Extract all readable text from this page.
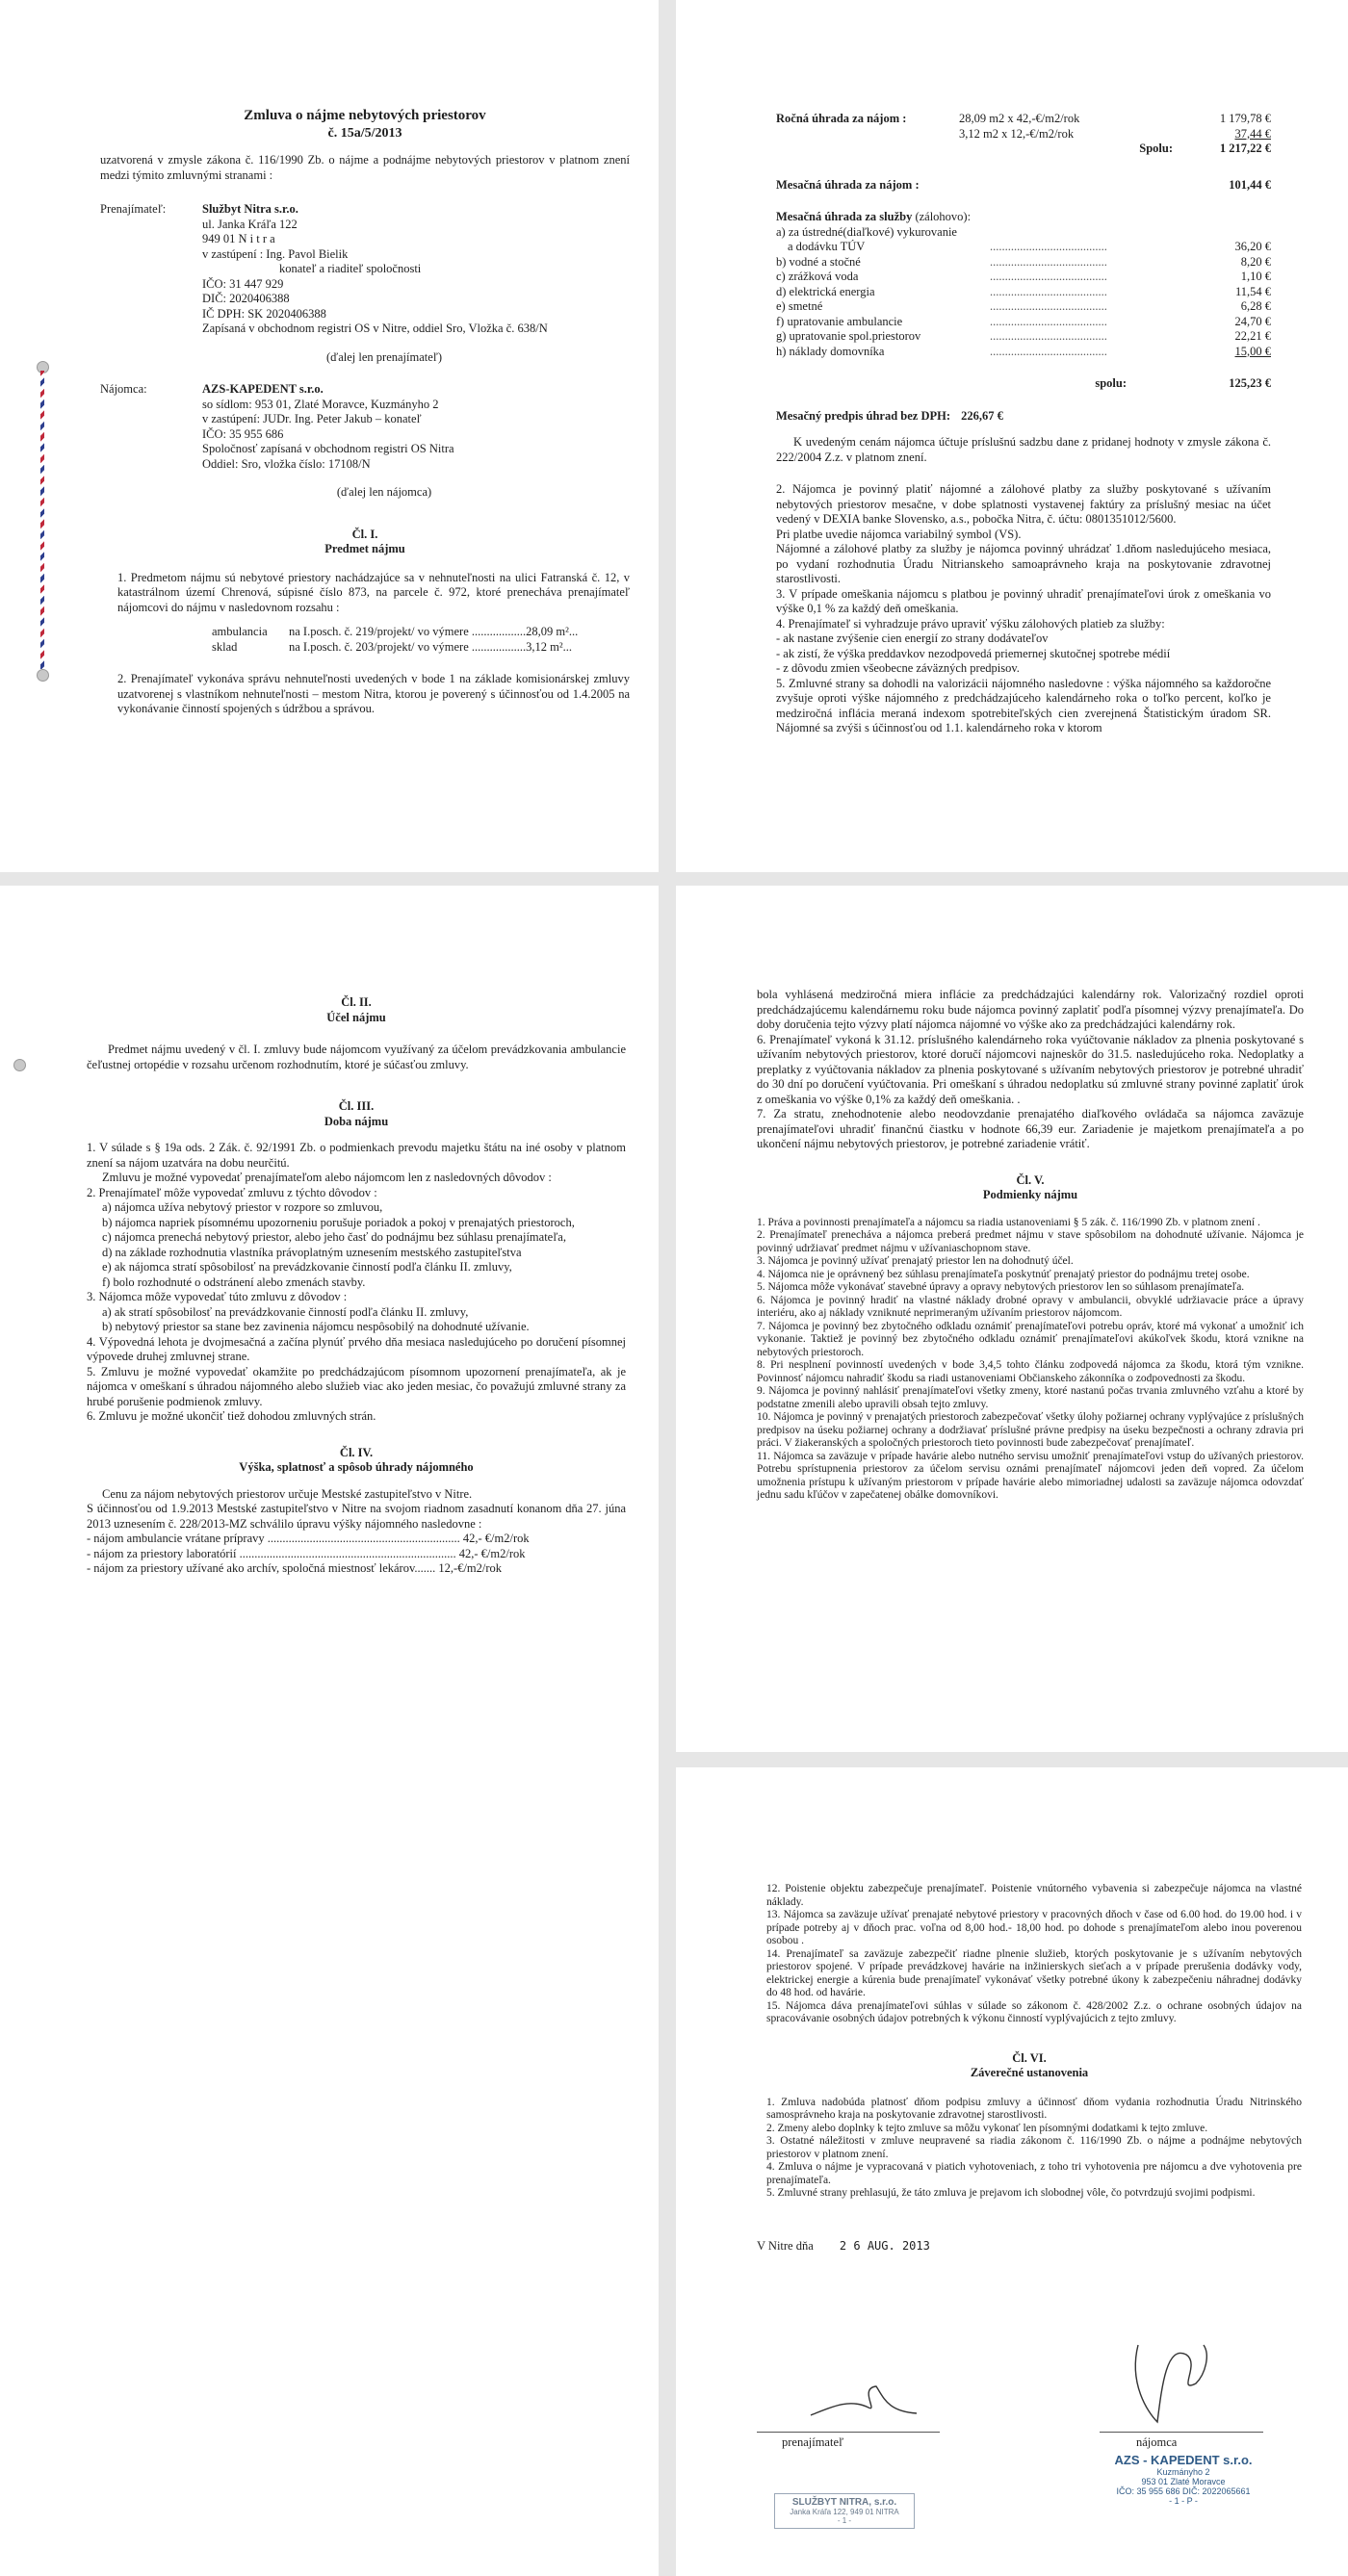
Zmluva o nájme nebytových priestorov
č. 15a/5/2013
uzatvorená v zmysle zákona č. 116/1990 Zb. o nájme a podnájme nebytových priestorov v platnom znení medzi týmito zmluvnými stranami :
Prenajímateľ:	Službyt Nitra s.r.o.
ul. Janka Kráľa 122
949 01 N i t r a
v zastúpení : Ing. Pavol Bielik
konateľ a riaditeľ spoločnosti
IČO: 31 447 929
DIČ: 2020406388
IČ DPH: SK 2020406388
Zapísaná v obchodnom registri OS v Nitre, oddiel Sro, Vložka č. 638/N
(ďalej len prenajímateľ)
Nájomca:	AZS-KAPEDENT s.r.o.
so sídlom: 953 01, Zlaté Moravce, Kuzmányho 2
v zastúpení: JUDr. Ing. Peter Jakub – konateľ
IČO: 35 955 686
Spoločnosť zapísaná v obchodnom registri OS Nitra
Oddiel: Sro, vložka číslo: 17108/N
(ďalej len nájomca)
Čl. I.
Predmet nájmu
1. Predmetom nájmu sú nebytové priestory nachádzajúce sa v nehnuteľnosti na ulici Fatranská č. 12, v katastrálnom území Chrenová, súpisné číslo 873, na parcele č. 972, ktoré prenecháva prenajímateľ nájomcovi do nájmu v nasledovnom rozsahu :
ambulancia	na I.posch. č. 219/projekt/ vo výmere ..................	28,09 m²...
sklad	na I.posch. č. 203/projekt/ vo výmere ..................	3,12 m²...
2. Prenajímateľ vykonáva správu nehnuteľnosti uvedených v bode 1 na základe komisionárskej zmluvy uzatvorenej s vlastníkom nehnuteľnosti – mestom Nitra, ktorou je poverený s účinnosťou od 1.4.2005 na vykonávanie činností spojených s údržbou a správou.
Ročná úhrada za nájom :	28,09 m2 x 42,-€/m2/rok	1 179,78 €
3,12 m2 x 12,-€/m2/rok	37,44 €
Spolu:	1 217,22 €
Mesačná úhrada za nájom :	101,44 €
Mesačná úhrada za služby (zálohovo):
a) za ústredné(diaľkové) vykurovanie
a dodávku TÚV	.......................................	36,20 €
b) vodné a stočné	.......................................	8,20 €
c) zrážková voda	.......................................	1,10 €
d) elektrická energia	.......................................	11,54 €
e) smetné	.......................................	6,28 €
f) upratovanie ambulancie	.......................................	24,70 €
g) upratovanie spol.priestorov	.......................................	22,21 €
h) náklady domovníka	.......................................	15,00 €
spolu:	125,23 €
Mesačný predpis úhrad bez DPH: 226,67 €
K uvedeným cenám nájomca účtuje príslušnú sadzbu dane z pridanej hodnoty v zmysle zákona č. 222/2004 Z.z. v platnom znení.
2. Nájomca je povinný platiť nájomné a zálohové platby za služby poskytované s užívaním nebytových priestorov mesačne, v dobe splatnosti vystavenej faktúry za príslušný mesiac na účet vedený v DEXIA banke Slovensko, a.s., pobočka Nitra, č. účtu: 0801351012/5600.
Pri platbe uvedie nájomca variabilný symbol (VS).
Nájomné a zálohové platby za služby je nájomca povinný uhrádzať 1.dňom nasledujúceho mesiaca, po vydaní rozhodnutia Úradu Nitrianskeho samoaprávneho kraja na poskytovanie zdravotnej starostlivosti.
3. V prípade omeškania nájomcu s platbou je povinný uhradiť prenajímateľovi úrok z omeškania vo výške 0,1 % za každý deň omeškania.
4. Prenajímateľ si vyhradzuje právo upraviť výšku zálohových platieb za služby:
- ak nastane zvýšenie cien energií zo strany dodávateľov
- ak zistí, že výška preddavkov nezodpovedá priemernej skutočnej spotrebe médií
- z dôvodu zmien všeobecne záväzných predpisov.
5. Zmluvné strany sa dohodli na valorizácii nájomného nasledovne : výška nájomného sa každoročne zvyšuje oproti výške nájomného z predchádzajúceho kalendárneho roka o toľko percent, koľko je medziročná inflácia meraná indexom spotrebiteľských cien zverejnená Štatistickým úradom SR. Nájomné sa zvýši s účinnosťou od 1.1. kalendárneho roka v ktorom
Čl. II.
Účel nájmu
Predmet nájmu uvedený v čl. I. zmluvy bude nájomcom využívaný za účelom prevádzkovania ambulancie čeľustnej ortopédie v rozsahu určenom rozhodnutím, ktoré je súčasťou zmluvy.
Čl. III.
Doba nájmu
1. V súlade s § 19a ods. 2 Zák. č. 92/1991 Zb. o podmienkach prevodu majetku štátu na iné osoby v platnom znení sa nájom uzatvára na dobu neurčitú.
Zmluvu je možné vypovedať prenajímateľom alebo nájomcom len z nasledovných dôvodov :
2. Prenajímateľ môže vypovedať zmluvu z týchto dôvodov :
a) nájomca užíva nebytový priestor v rozpore so zmluvou,
b) nájomca napriek písomnému upozorneniu porušuje poriadok a pokoj v prenajatých priestoroch,
c) nájomca prenechá nebytový priestor, alebo jeho časť do podnájmu bez súhlasu prenajímateľa,
d) na základe rozhodnutia vlastníka právoplatným uznesením mestského zastupiteľstva
e) ak nájomca stratí spôsobilosť na prevádzkovanie činností podľa článku II. zmluvy,
f) bolo rozhodnuté o odstránení alebo zmenách stavby.
3. Nájomca môže vypovedať túto zmluvu z dôvodov :
a) ak stratí spôsobilosť na prevádzkovanie činností podľa článku II. zmluvy,
b) nebytový priestor sa stane bez zavinenia nájomcu nespôsobilý na dohodnuté užívanie.
4. Výpovedná lehota je dvojmesačná a začína plynúť prvého dňa mesiaca nasledujúceho po doručení písomnej výpovede druhej zmluvnej strane.
5. Zmluvu je možné vypovedať okamžite po predchádzajúcom písomnom upozornení prenajímateľa, ak je nájomca v omeškaní s úhradou nájomného alebo služieb viac ako jeden mesiac, čo považujú zmluvné strany za hrubé porušenie podmienok zmluvy.
6. Zmluvu je možné ukončiť tiež dohodou zmluvných strán.
Čl. IV.
Výška, splatnosť a spôsob úhrady nájomného
Cenu za nájom nebytových priestorov určuje Mestské zastupiteľstvo v Nitre.
S účinnosťou od 1.9.2013 Mestské zastupiteľstvo v Nitre na svojom riadnom zasadnutí konanom dňa 27. júna 2013 uznesením č. 228/2013-MZ schválilo úpravu výšky nájomného nasledovne :
- nájom ambulancie vrátane prípravy ................................................................ 42,- €/m2/rok
- nájom za priestory laboratórií ........................................................................ 42,- €/m2/rok
- nájom za priestory užívané ako archív, spoločná miestnosť lekárov....... 12,-€/m2/rok
bola vyhlásená medziročná miera inflácie za predchádzajúci kalendárny rok. Valorizačný rozdiel oproti predchádzajúcemu kalendárnemu roku bude nájomca povinný zaplatiť podľa písomnej výzvy prenajímateľa. Do doby doručenia tejto výzvy platí nájomca nájomné vo výške ako za predchádzajúci kalendárny rok.
6. Prenajímateľ vykoná k 31.12. príslušného kalendárneho roka vyúčtovanie nákladov za plnenia poskytované s užívaním nebytových priestorov, ktoré doručí nájomcovi najneskôr do 31.5. nasledujúceho roka. Nedoplatky a preplatky z vyúčtovania nákladov za plnenia poskytované s užívaním nebytových priestorov je potrebné uhradiť do 30 dní po doručení vyúčtovania. Pri omeškaní s úhradou nedoplatku sú zmluvné strany povinné zaplatiť úrok z omeškania vo výške 0,1% za každý deň omeškania. .
7. Za stratu, znehodnotenie alebo neodovzdanie prenajatého diaľkového ovládača sa nájomca zaväzuje prenajímateľovi uhradiť finančnú čiastku v hodnote 66,39 eur. Zariadenie je majetkom prenajímateľa a po ukončení nájmu nebytových priestorov, je potrebné zariadenie vrátiť.
Čl. V.
Podmienky nájmu
1. Práva a povinnosti prenajímateľa a nájomcu sa riadia ustanoveniami § 5 zák. č. 116/1990 Zb. v platnom znení .
2. Prenajímateľ prenecháva a nájomca preberá predmet nájmu v stave spôsobilom na dohodnuté užívanie. Nájomca je povinný udržiavať predmet nájmu v užívaniaschopnom stave.
3. Nájomca je povinný užívať prenajatý priestor len na dohodnutý účel.
4. Nájomca nie je oprávnený bez súhlasu prenajímateľa poskytnúť prenajatý priestor do podnájmu tretej osobe.
5. Nájomca môže vykonávať stavebné úpravy a opravy nebytových priestorov len so súhlasom prenajímateľa.
6. Nájomca je povinný hradiť na vlastné náklady drobné opravy v ambulancii, obvyklé udržiavacie práce a úpravy interiéru, ako aj náklady vzniknuté neprimeraným užívaním priestorov nájomcom.
7. Nájomca je povinný bez zbytočného odkladu oznámiť prenajímateľovi potrebu opráv, ktoré má vykonať a umožniť ich vykonanie. Taktiež je povinný bez zbytočného odkladu oznámiť prenajímateľovi akúkoľvek škodu, ktorá vznikne na nebytových priestoroch.
8. Pri nesplnení povinností uvedených v bode 3,4,5 tohto článku zodpovedá nájomca za škodu, ktorá tým vznikne. Povinnosť nájomcu nahradiť škodu sa riadi ustanoveniami Občianskeho zákonníka o zodpovednosti za škodu.
9. Nájomca je povinný nahlásiť prenajímateľovi všetky zmeny, ktoré nastanú počas trvania zmluvného vzťahu a ktoré by podstatne zmenili alebo upravili obsah tejto zmluvy.
10. Nájomca je povinný v prenajatých priestoroch zabezpečovať všetky úlohy požiarnej ochrany vyplývajúce z príslušných predpisov na úseku požiarnej ochrany a dodržiavať príslušné právne predpisy na úseku bezpečnosti a ochrany zdravia pri práci. V žiakeranských a spoločných priestoroch tieto povinnosti bude zabezpečovať prenajímateľ.
11. Nájomca sa zaväzuje v prípade havárie alebo nutného servisu umožniť prenajímateľovi vstup do užívaných priestorov. Potrebu sprístupnenia priestorov za účelom servisu oznámi prenajímateľ nájomcovi jeden deň vopred. Za účelom umožnenia prístupu k užívaným priestorom v prípade havárie alebo mimoriadnej udalosti sa zaväzuje nájomca odovzdať jednu sadu kľúčov v zapečatenej obálke domovníkovi.
12. Poistenie objektu zabezpečuje prenajímateľ. Poistenie vnútorného vybavenia si zabezpečuje nájomca na vlastné náklady.
13. Nájomca sa zaväzuje užívať prenajaté nebytové priestory v pracovných dňoch v čase od 6.00 hod. do 19.00 hod. i v prípade potreby aj v dňoch prac. voľna od 8,00 hod.- 18,00 hod. po dohode s prenajímateľom alebo inou poverenou osobou .
14. Prenajímateľ sa zaväzuje zabezpečiť riadne plnenie služieb, ktorých poskytovanie je s užívaním nebytových priestorov spojené. V prípade prevádzkovej havárie na inžinierskych sieťach a v prípade prerušenia dodávky vody, elektrickej energie a kúrenia bude prenajímateľ vykonávať všetky potrebné úkony k zabezpečeniu náhradnej dodávky do 48 hod. od havárie.
15. Nájomca dáva prenajímateľovi súhlas v súlade so zákonom č. 428/2002 Z.z. o ochrane osobných údajov na spracovávanie osobných údajov potrebných k výkonu činností vyplývajúcich z tejto zmluvy.
Čl. VI.
Záverečné ustanovenia
1. Zmluva nadobúda platnosť dňom podpisu zmluvy a účinnosť dňom vydania rozhodnutia Úradu Nitrinského samosprávneho kraja na poskytovanie zdravotnej starostlivosti.
2. Zmeny alebo doplnky k tejto zmluve sa môžu vykonať len písomnými dodatkami k tejto zmluve.
3. Ostatné náležitosti v zmluve neupravené sa riadia zákonom č. 116/1990 Zb. o nájme a podnájme nebytových priestorov v platnom znení.
4. Zmluva o nájme je vypracovaná v piatich vyhotoveniach, z toho tri vyhotovenia pre nájomcu a dve vyhotovenia pre prenajímateľa.
5. Zmluvné strany prehlasujú, že táto zmluva je prejavom ich slobodnej vôle, čo potvrdzujú svojimi podpismi.
V Nitre dňa 2 6 AUG. 2013
prenajímateľ	nájomca
AZS - KAPEDENT s.r.o.
Kuzmányho 2
953 01 Zlaté Moravce
IČO: 35 955 686 DIČ: 2022065661
- 1 - P -
SLUŽBYT NITRA, s.r.o.
Janka Kráľa 122, 949 01 NITRA
- 1 -
